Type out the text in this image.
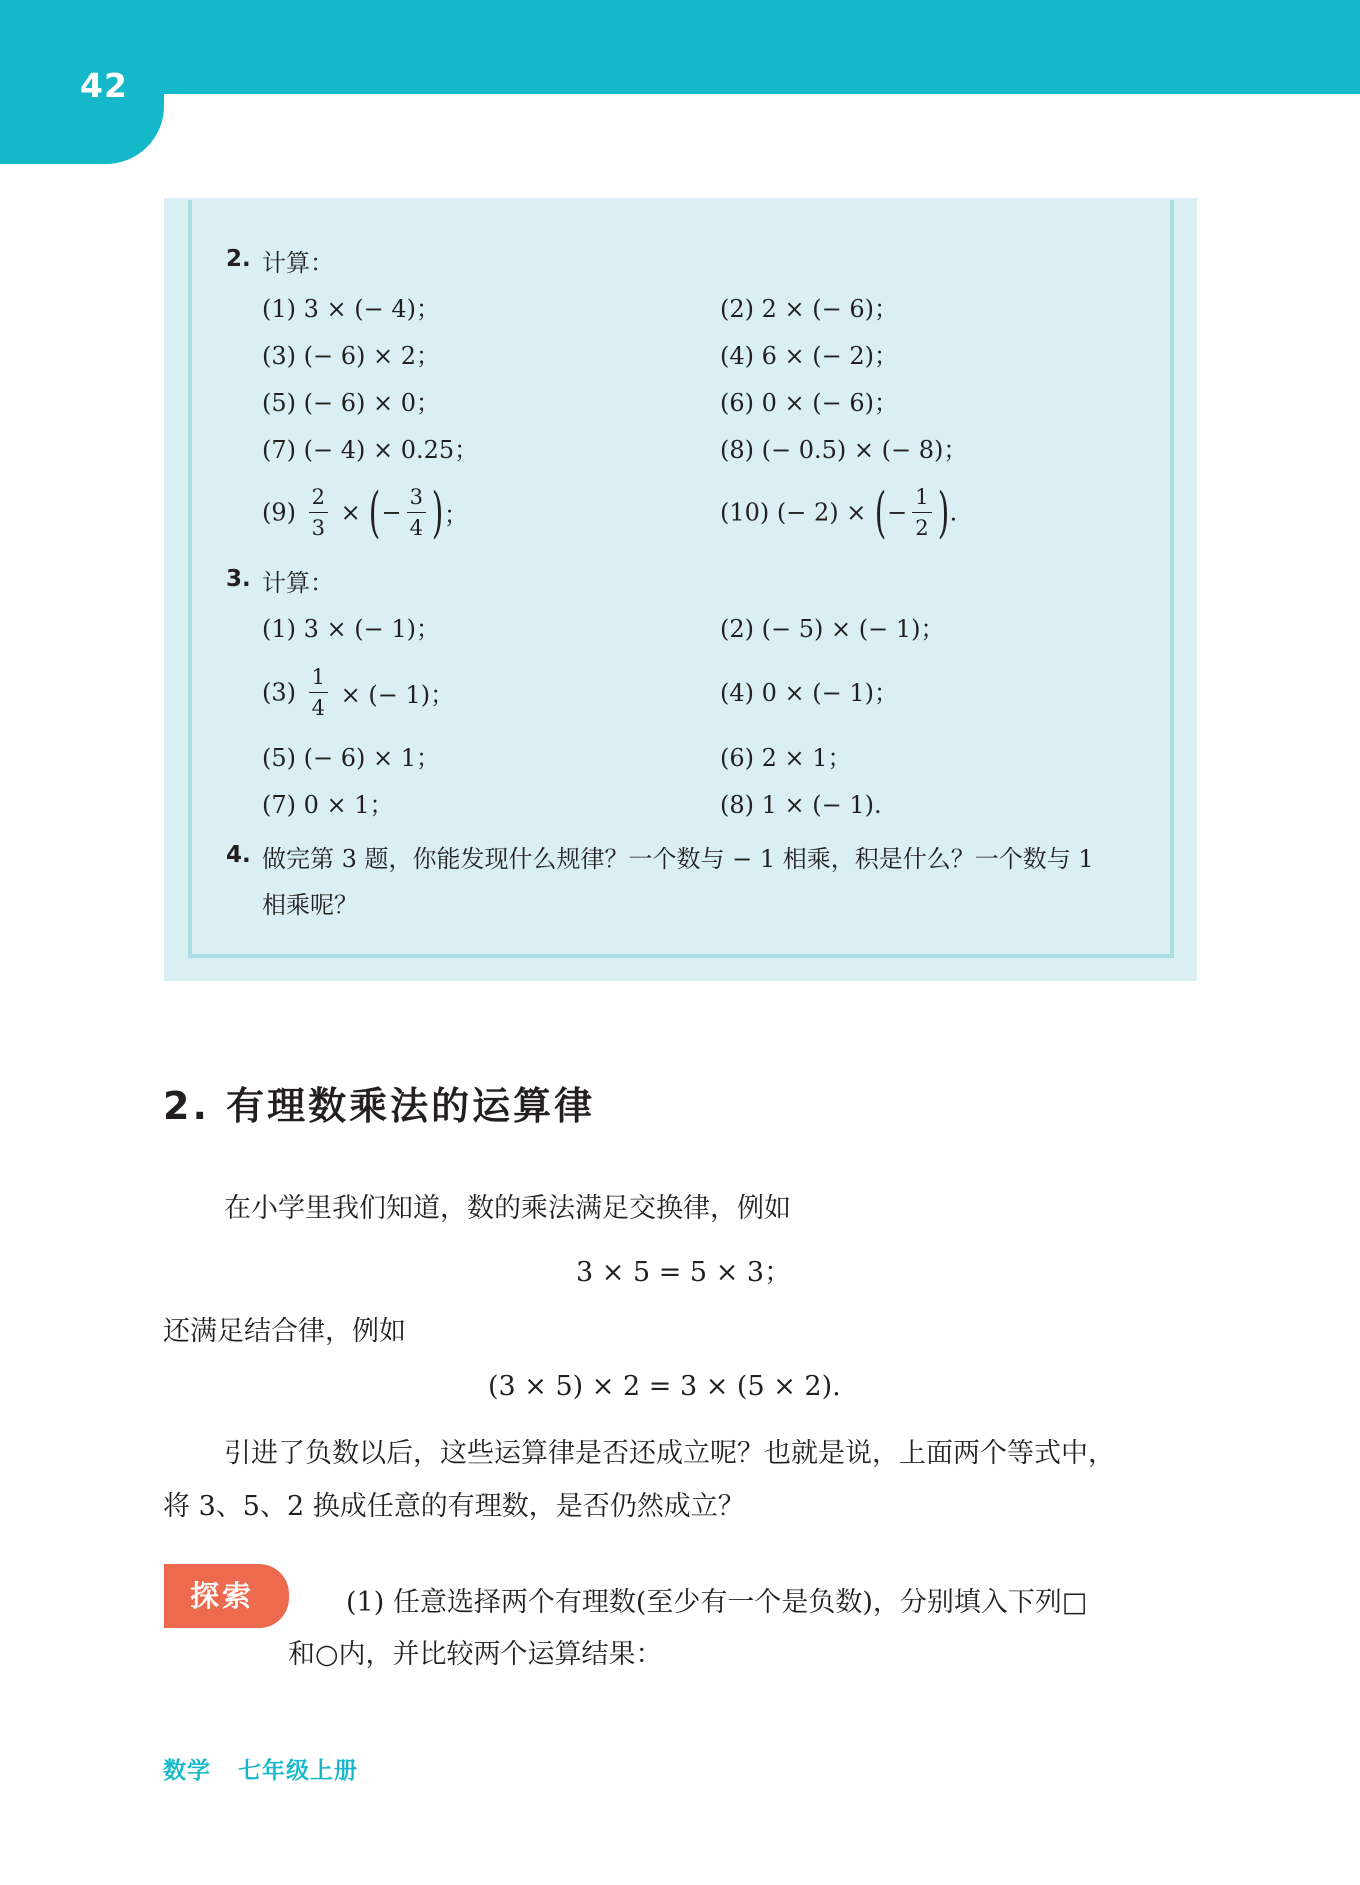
42
2. 计算：
(1) 3 × (− 4)；	(2) 2 × (− 6)；
(3) (− 6) × 2；	(4) 6 × (− 2)；
(5) (− 6) × 0；	(6) 0 × (− 6)；
(7) (− 4) × 0.25；	(8) (− 0.5) × (− 8)；
$(9) \frac{2}{3}$ × (− $\frac{3}{4}$ )；	(10) (− 2) × (− $\frac{1}{2}$ ).
3. 计算：
(1) 3 × (− 1)；	(2) (− 5) × (− 1)；
$(3) \frac{1}{4}$ × (− 1)；	(4) 0 × (− 1)；
(5) (− 6) × 1；	(6) 2 × 1；
(7) 0 × 1；	(8) 1 × (− 1).
4. 做完第 3 题，你能发现什么规律？一个数与 − 1 相乘，积是什么？一个数与 1
相乘呢？
2. 有理数乘法的运算律
在小学里我们知道，数的乘法满足交换律，例如
3 × 5 = 5 × 3；
还满足结合律，例如
(3 × 5) × 2 = 3 × (5 × 2).
引进了负数以后，这些运算律是否还成立呢？也就是说，上面两个等式中，
将 3、5、2 换成任意的有理数，是否仍然成立？
探索	(1) 任意选择两个有理数(至少有一个是负数)，分别填入下列□
和○内，并比较两个运算结果：
数学 七年级上册
